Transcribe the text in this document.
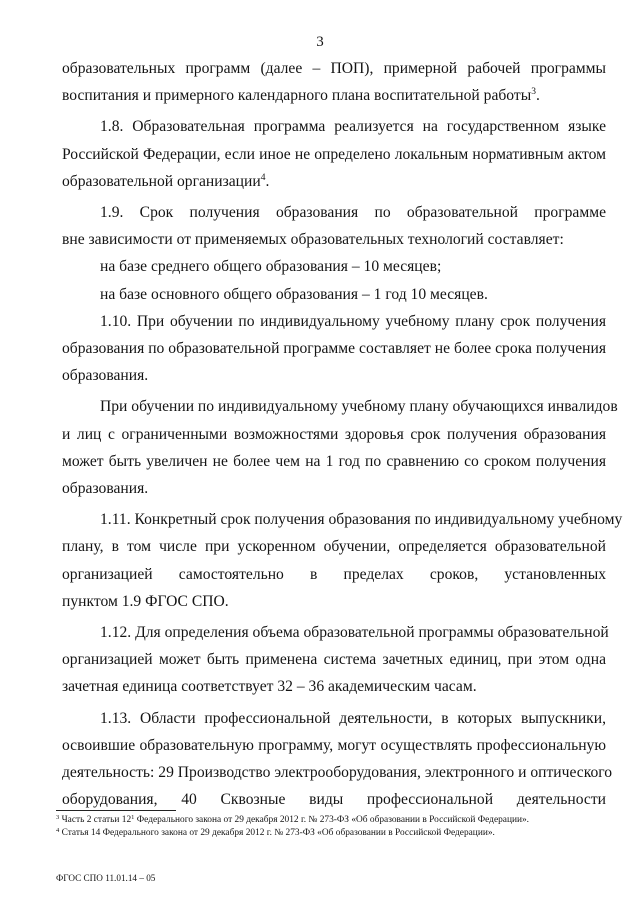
3
образовательных программ (далее – ПОП), примерной рабочей программы
воспитания и примерного календарного плана воспитательной работы$^3$.
1.8. Образовательная программа реализуется на государственном языке
Российской Федерации, если иное не определено локальным нормативным актом
образовательной организации$^4$.
1.9. Срок получения образования по образовательной программе
вне зависимости от применяемых образовательных технологий составляет:
на базе среднего общего образования – 10 месяцев;
на базе основного общего образования – 1 год 10 месяцев.
1.10. При обучении по индивидуальному учебному плану срок получения
образования по образовательной программе составляет не более срока получения
образования.
При обучении по индивидуальному учебному плану обучающихся инвалидов
и лиц с ограниченными возможностями здоровья срок получения образования
может быть увеличен не более чем на 1 год по сравнению со сроком получения
образования.
1.11. Конкретный срок получения образования по индивидуальному учебному
плану, в том числе при ускоренном обучении, определяется образовательной
организацией самостоятельно в пределах сроков, установленных
пунктом 1.9 ФГОС СПО.
1.12. Для определения объема образовательной программы образовательной
организацией может быть применена система зачетных единиц, при этом одна
зачетная единица соответствует 32 – 36 академическим часам.
1.13. Области профессиональной деятельности, в которых выпускники,
освоившие образовательную программу, могут осуществлять профессиональную
деятельность: 29 Производство электрооборудования, электронного и оптического
оборудования, 40 Сквозные виды профессиональной деятельности
$^3$ Часть 2 статьи $12^1$ Федерального закона от 29 декабря 2012 г. № 273-ФЗ «Об образовании в Российской Федерации».
$^4$ Статья 14 Федерального закона от 29 декабря 2012 г. № 273-ФЗ «Об образовании в Российской Федерации».
ФГОС СПО 11.01.14 – 05
